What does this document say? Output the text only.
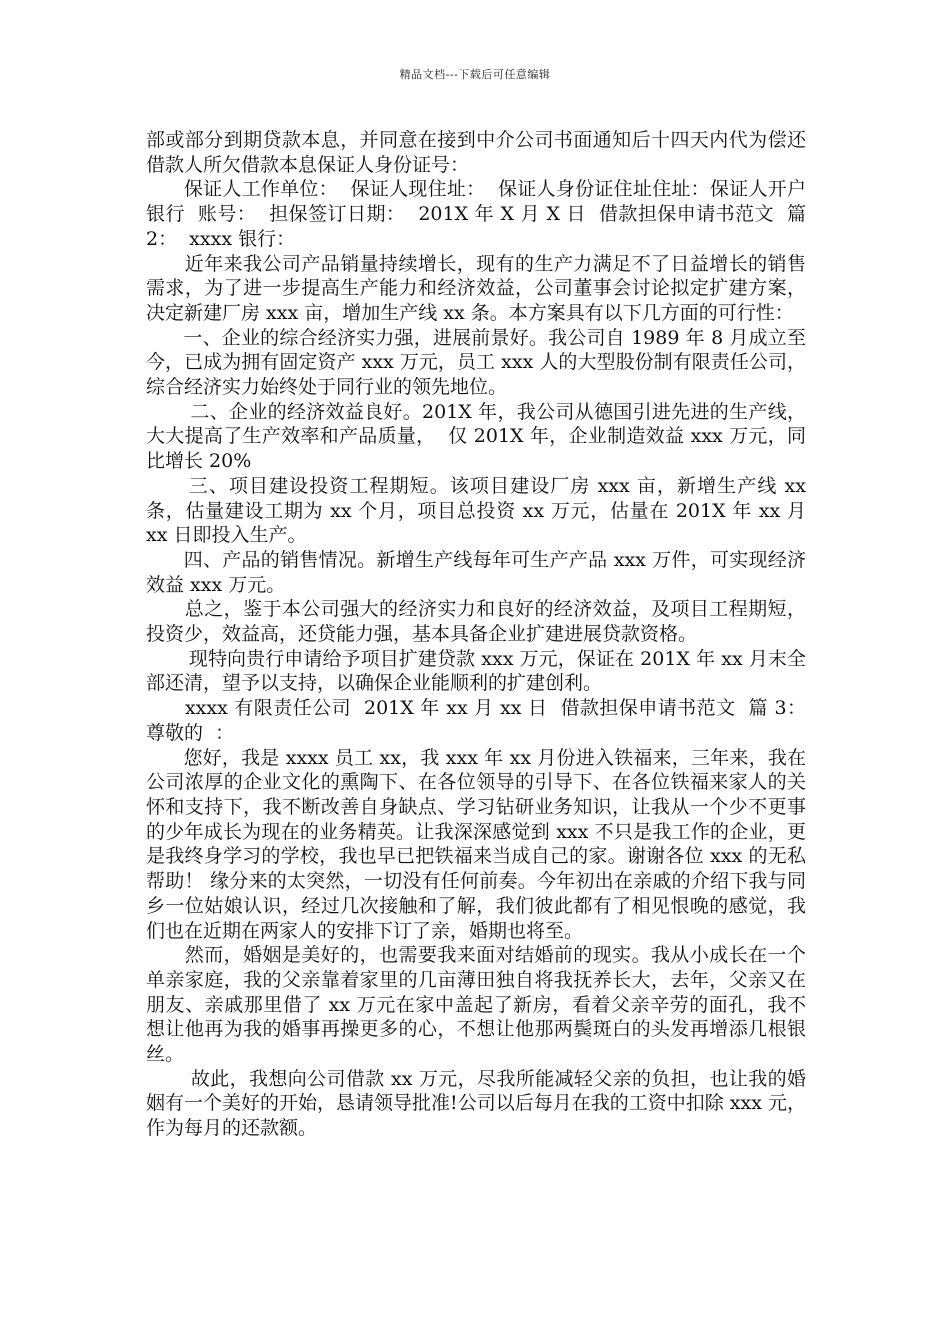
精品文档---下载后可任意编辑

部或部分到期贷款本息，并同意在接到中介公司书面通知后十四天内代为偿还借款人所欠借款本息保证人身份证号：

保证人工作单位：  保证人现住址：  保证人身份证住址住址：保证人开户银行  账号：  担保签订日期：  201X 年 X 月 X 日  借款担保申请书范文  篇 2：  xxxx 银行：

近年来我公司产品销量持续增长，现有的生产力满足不了日益增长的销售需求，为了进一步提高生产能力和经济效益，公司董事会讨论拟定扩建方案，决定新建厂房 xxx 亩，增加生产线 xx 条。本方案具有以下几方面的可行性：

一、企业的综合经济实力强，进展前景好。我公司自 1989 年 8 月成立至今，已成为拥有固定资产 xxx 万元，员工 xxx 人的大型股份制有限责任公司，综合经济实力始终处于同行业的领先地位。

二、企业的经济效益良好。201X 年，我公司从德国引进先进的生产线，大大提高了生产效率和产品质量，  仅 201X 年，企业制造效益 xxx 万元，同比增长 20%

三、项目建设投资工程期短。该项目建设厂房 xxx 亩，新增生产线 xx 条，估量建设工期为 xx 个月，项目总投资 xx 万元，估量在 201X 年 xx 月 xx 日即投入生产。

四、产品的销售情况。新增生产线每年可生产产品 xxx 万件，可实现经济效益 xxx 万元。

总之，鉴于本公司强大的经济实力和良好的经济效益，及项目工程期短，投资少，效益高，还贷能力强，基本具备企业扩建进展贷款资格。

现特向贵行申请给予项目扩建贷款 xxx 万元，保证在 201X 年 xx 月末全部还清，望予以支持，以确保企业能顺利的扩建创利。

xxxx 有限责任公司  201X 年 xx 月 xx 日  借款担保申请书范文  篇 3：  尊敬的  ：

您好，我是 xxxx 员工 xx，我 xxx 年 xx 月份进入铁福来，三年来，我在公司浓厚的企业文化的熏陶下、在各位领导的引导下、在各位铁福来家人的关怀和支持下，我不断改善自身缺点、学习钻研业务知识，让我从一个少不更事的少年成长为现在的业务精英。让我深深感觉到 xxx 不只是我工作的企业，更是我终身学习的学校，我也早已把铁福来当成自己的家。谢谢各位 xxx 的无私帮助！ 缘分来的太突然，一切没有任何前奏。今年初出在亲戚的介绍下我与同乡一位姑娘认识，经过几次接触和了解，我们彼此都有了相见恨晚的感觉，我们也在近期在两家人的安排下订了亲，婚期也将至。

然而，婚姻是美好的，也需要我来面对结婚前的现实。我从小成长在一个单亲家庭，我的父亲靠着家里的几亩薄田独自将我抚养长大，去年，父亲又在朋友、亲戚那里借了 xx 万元在家中盖起了新房，看着父亲辛劳的面孔，我不想让他再为我的婚事再操更多的心，不想让他那两鬓斑白的头发再增添几根银丝。

故此，我想向公司借款 xx 万元，尽我所能减轻父亲的负担，也让我的婚姻有一个美好的开始，恳请领导批准!公司以后每月在我的工资中扣除 xxx 元，作为每月的还款额。
